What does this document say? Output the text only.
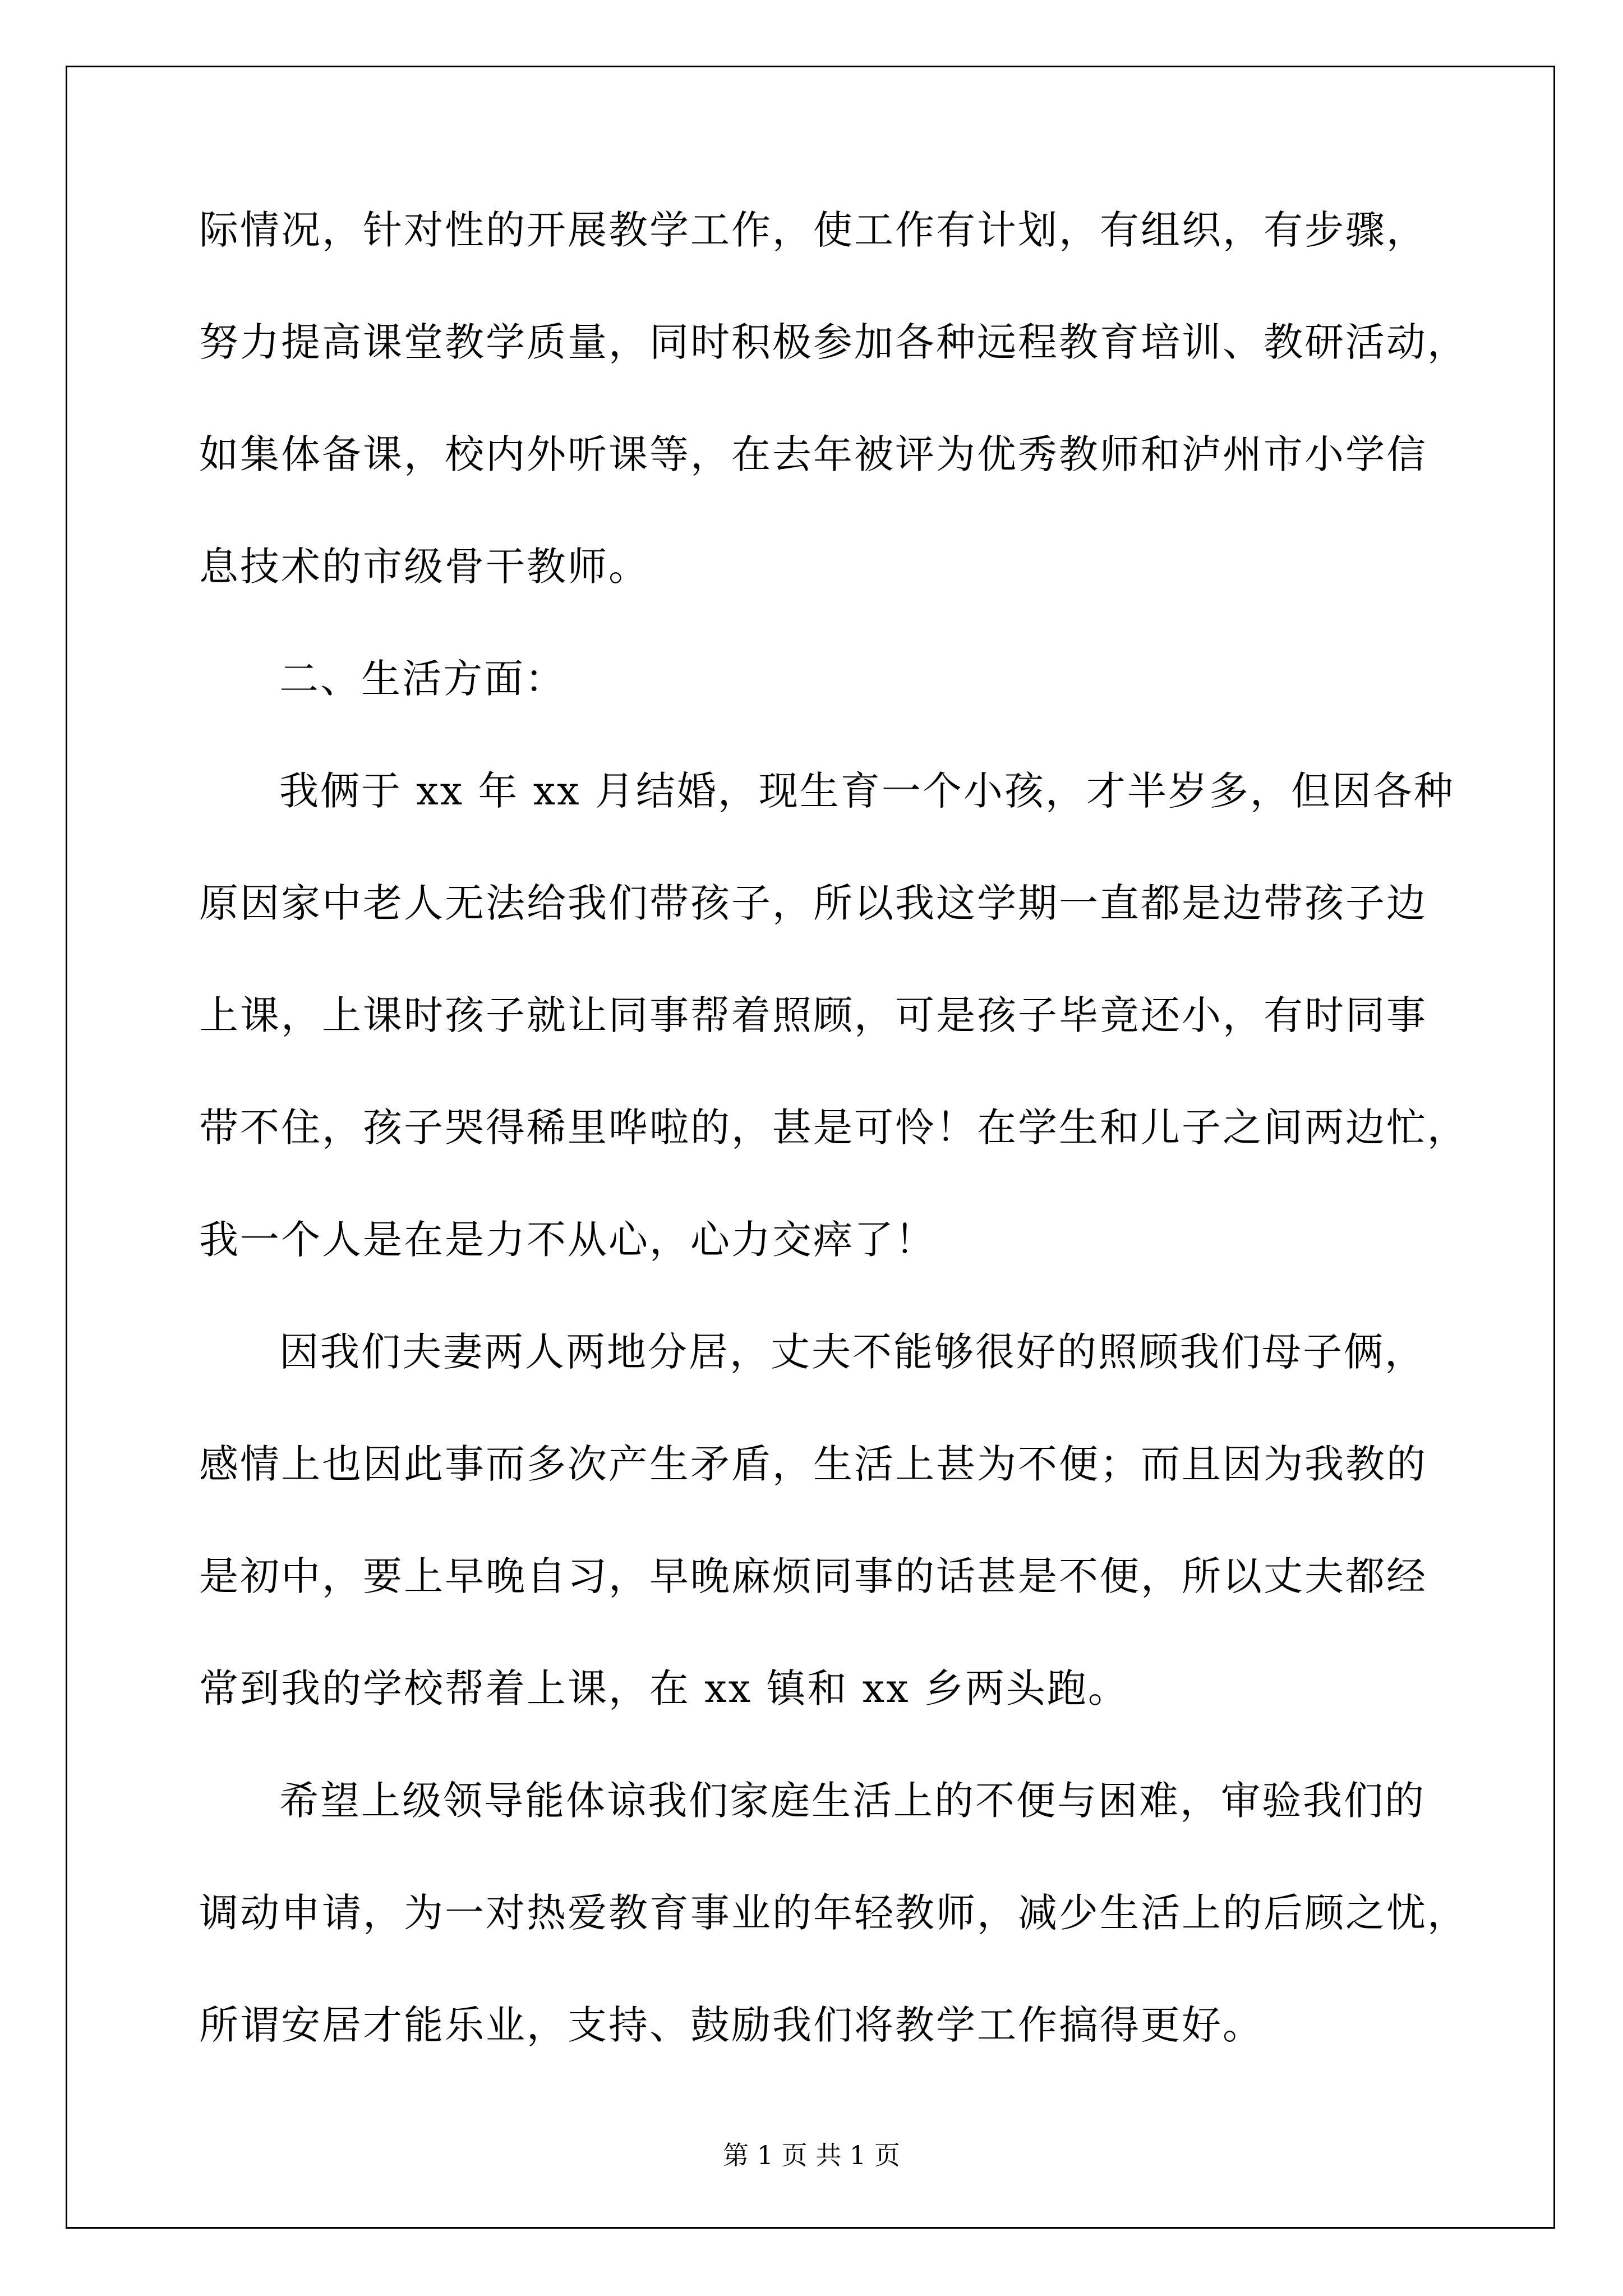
际情况，针对性的开展教学工作，使工作有计划，有组织，有步骤，
努力提高课堂教学质量，同时积极参加各种远程教育培训、教研活动，
如集体备课，校内外听课等，在去年被评为优秀教师和泸州市小学信
息技术的市级骨干教师。
二、生活方面：
我俩于 xx 年 xx 月结婚，现生育一个小孩，才半岁多，但因各种
原因家中老人无法给我们带孩子，所以我这学期一直都是边带孩子边
上课，上课时孩子就让同事帮着照顾，可是孩子毕竟还小，有时同事
带不住，孩子哭得稀里哗啦的，甚是可怜！在学生和儿子之间两边忙，
我一个人是在是力不从心，心力交瘁了！
因我们夫妻两人两地分居，丈夫不能够很好的照顾我们母子俩，
感情上也因此事而多次产生矛盾，生活上甚为不便；而且因为我教的
是初中，要上早晚自习，早晚麻烦同事的话甚是不便，所以丈夫都经
常到我的学校帮着上课，在 xx 镇和 xx 乡两头跑。
希望上级领导能体谅我们家庭生活上的不便与困难，审验我们的
调动申请，为一对热爱教育事业的年轻教师，减少生活上的后顾之忧，
所谓安居才能乐业，支持、鼓励我们将教学工作搞得更好。
第 1 页 共 1 页
